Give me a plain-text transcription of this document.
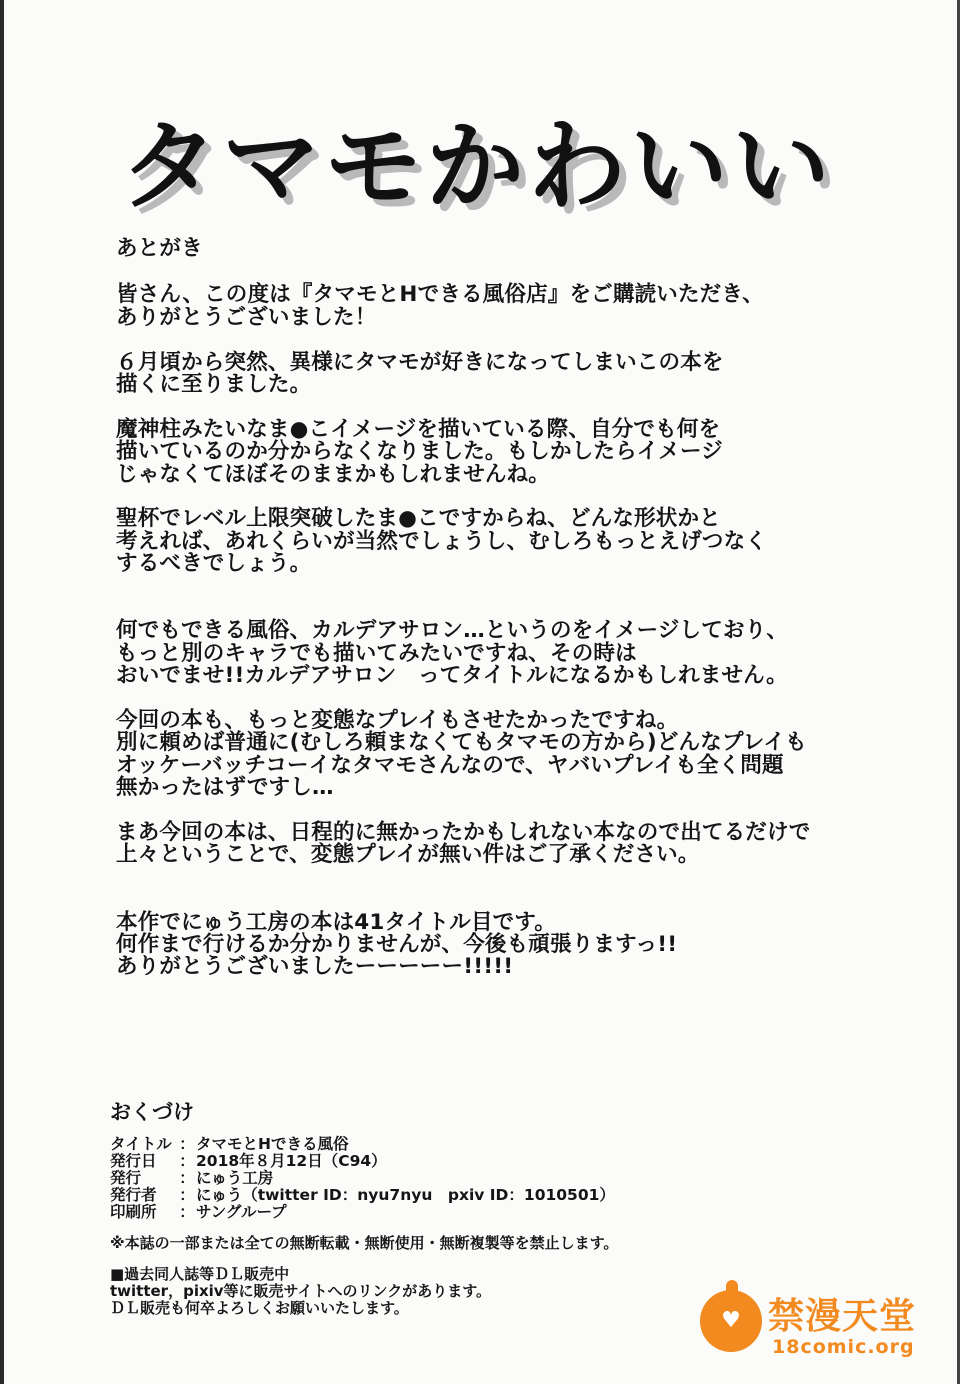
タマモかわいい
あとがき

皆さん、この度は『タマモとHできる風俗店』をご購読いただき、
ありがとうございました！

６月頃から突然、異様にタマモが好きになってしまいこの本を
描くに至りました。

魔神柱みたいなま●こイメージを描いている際、自分でも何を
描いているのか分からなくなりました。もしかしたらイメージ
じゃなくてほぼそのままかもしれませんね。

聖杯でレベル上限突破したま●こですからね、どんな形状かと
考えれば、あれくらいが当然でしょうし、むしろもっとえげつなく
するべきでしょう。

何でもできる風俗、カルデアサロン…というのをイメージしており、
もっと別のキャラでも描いてみたいですね、その時は
おいでませ!!カルデアサロン　ってタイトルになるかもしれません。

今回の本も、もっと変態なプレイもさせたかったですね。
別に頼めば普通に(むしろ頼まなくてもタマモの方から)どんなプレイも
オッケーバッチコーイなタマモさんなので、ヤバいプレイも全く問題
無かったはずですし…

まあ今回の本は、日程的に無かったかもしれない本なので出てるだけで
上々ということで、変態プレイが無い件はご了承ください。

本作でにゅう工房の本は41タイトル目です。
何作まで行けるか分かりませんが、今後も頑張りますっ!!
ありがとうございましたーーーーー!!!!!

おくづけ
タイトル ： タマモとHできる風俗
発行日	： 2018年８月12日（C94）
発行	： にゅう工房
発行者	： にゅう（twitter ID：nyu7nyu　pxiv ID：1010501）
印刷所	： サングループ
※本誌の一部または全ての無断転載・無断使用・無断複製等を禁止します。
■過去同人誌等ＤＬ販売中
twitter，pixiv等に販売サイトへのリンクがあります。
ＤＬ販売も何卒よろしくお願いいたします。	♥ 禁漫天堂
18comic.org
